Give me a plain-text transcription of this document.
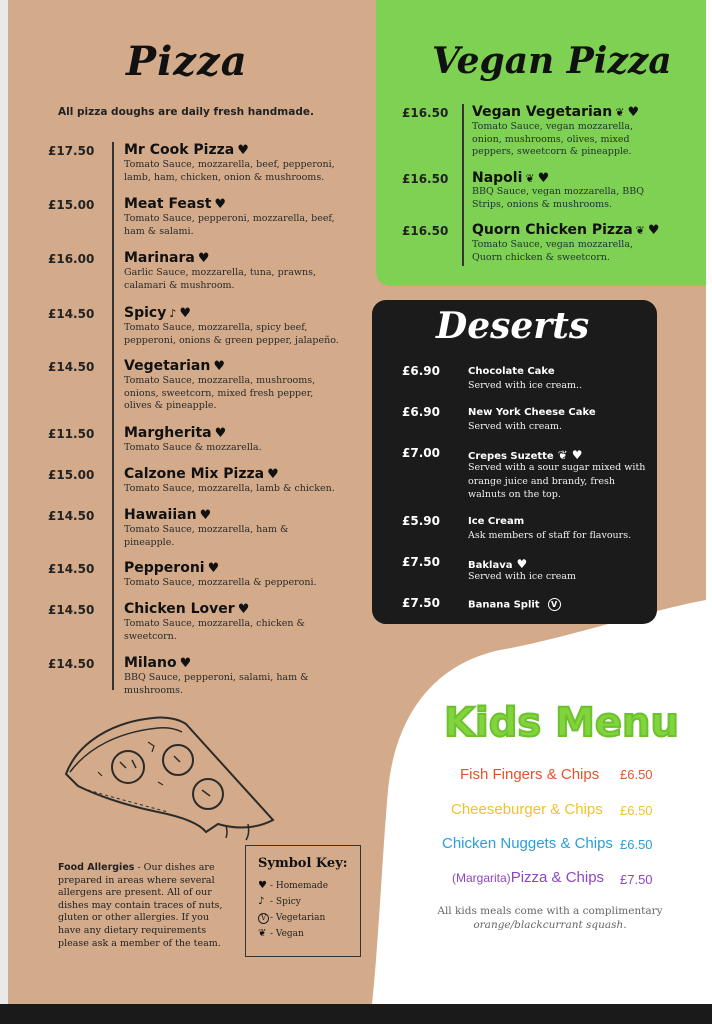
Pizza
All pizza doughs are daily fresh handmade.
£17.50 Mr Cook Pizza ♥
Tomato Sauce, mozzarella, beef, pepperoni, lamb, ham, chicken, onion & mushrooms.
£15.00 Meat Feast ♥
Tomato Sauce, pepperoni, mozzarella, beef, ham & salami.
£16.00 Marinara ♥
Garlic Sauce, mozzarella, tuna, prawns, calamari & mushroom.
£14.50 Spicy ♪ ♥
Tomato Sauce, mozzarella, spicy beef, pepperoni, onions & green pepper, jalapeño.
£14.50 Vegetarian ♥
Tomato Sauce, mozzarella, mushrooms, onions, sweetcorn, mixed fresh pepper, olives & pineapple.
£11.50 Margherita ♥
Tomato Sauce & mozzarella.
£15.00 Calzone Mix Pizza ♥
Tomato Sauce, mozzarella, lamb & chicken.
£14.50 Hawaiian ♥
Tomato Sauce, mozzarella, ham & pineapple.
£14.50 Pepperoni ♥
Tomato Sauce, mozzarella & pepperoni.
£14.50 Chicken Lover ♥
Tomato Sauce, mozzarella, chicken & sweetcorn.
£14.50 Milano ♥
BBQ Sauce, pepperoni, salami, ham & mushrooms.
Food Allergies - Our dishes are prepared in areas where several allergens are present. All of our dishes may contain traces of nuts, gluten or other allergies. If you have any dietary requirements please ask a member of the team.
Symbol Key:
♥ - Homemade
♪ - Spicy
V - Vegetarian
❦ - Vegan
Vegan Pizza
£16.50 Vegan Vegetarian ❦ ♥
Tomato Sauce, vegan mozzarella, onion, mushrooms, olives, mixed peppers, sweetcorn & pineapple.
£16.50 Napoli ❦ ♥
BBQ Sauce, vegan mozzarella, BBQ Strips, onions & mushrooms.
£16.50 Quorn Chicken Pizza ❦ ♥
Tomato Sauce, vegan mozzarella, Quorn chicken & sweetcorn.
Deserts
£6.90	Chocolate Cake
Served with ice cream..
£6.90	New York Cheese Cake
Served with cream.
£7.00	Crepes Suzette ❦ ♥
Served with a sour sugar mixed with orange juice and brandy, fresh walnuts on the top.
£5.90	Ice Cream
Ask members of staff for flavours.
£7.50	Baklava ♥
Served with ice cream
£7.50	Banana Split V
Kids Menu
Fish Fingers & Chips £6.50
Cheeseburger & Chips £6.50
Chicken Nuggets & Chips £6.50
(Margarita)Pizza & Chips £7.50
All kids meals come with a complimentary
orange/blackcurrant squash.
